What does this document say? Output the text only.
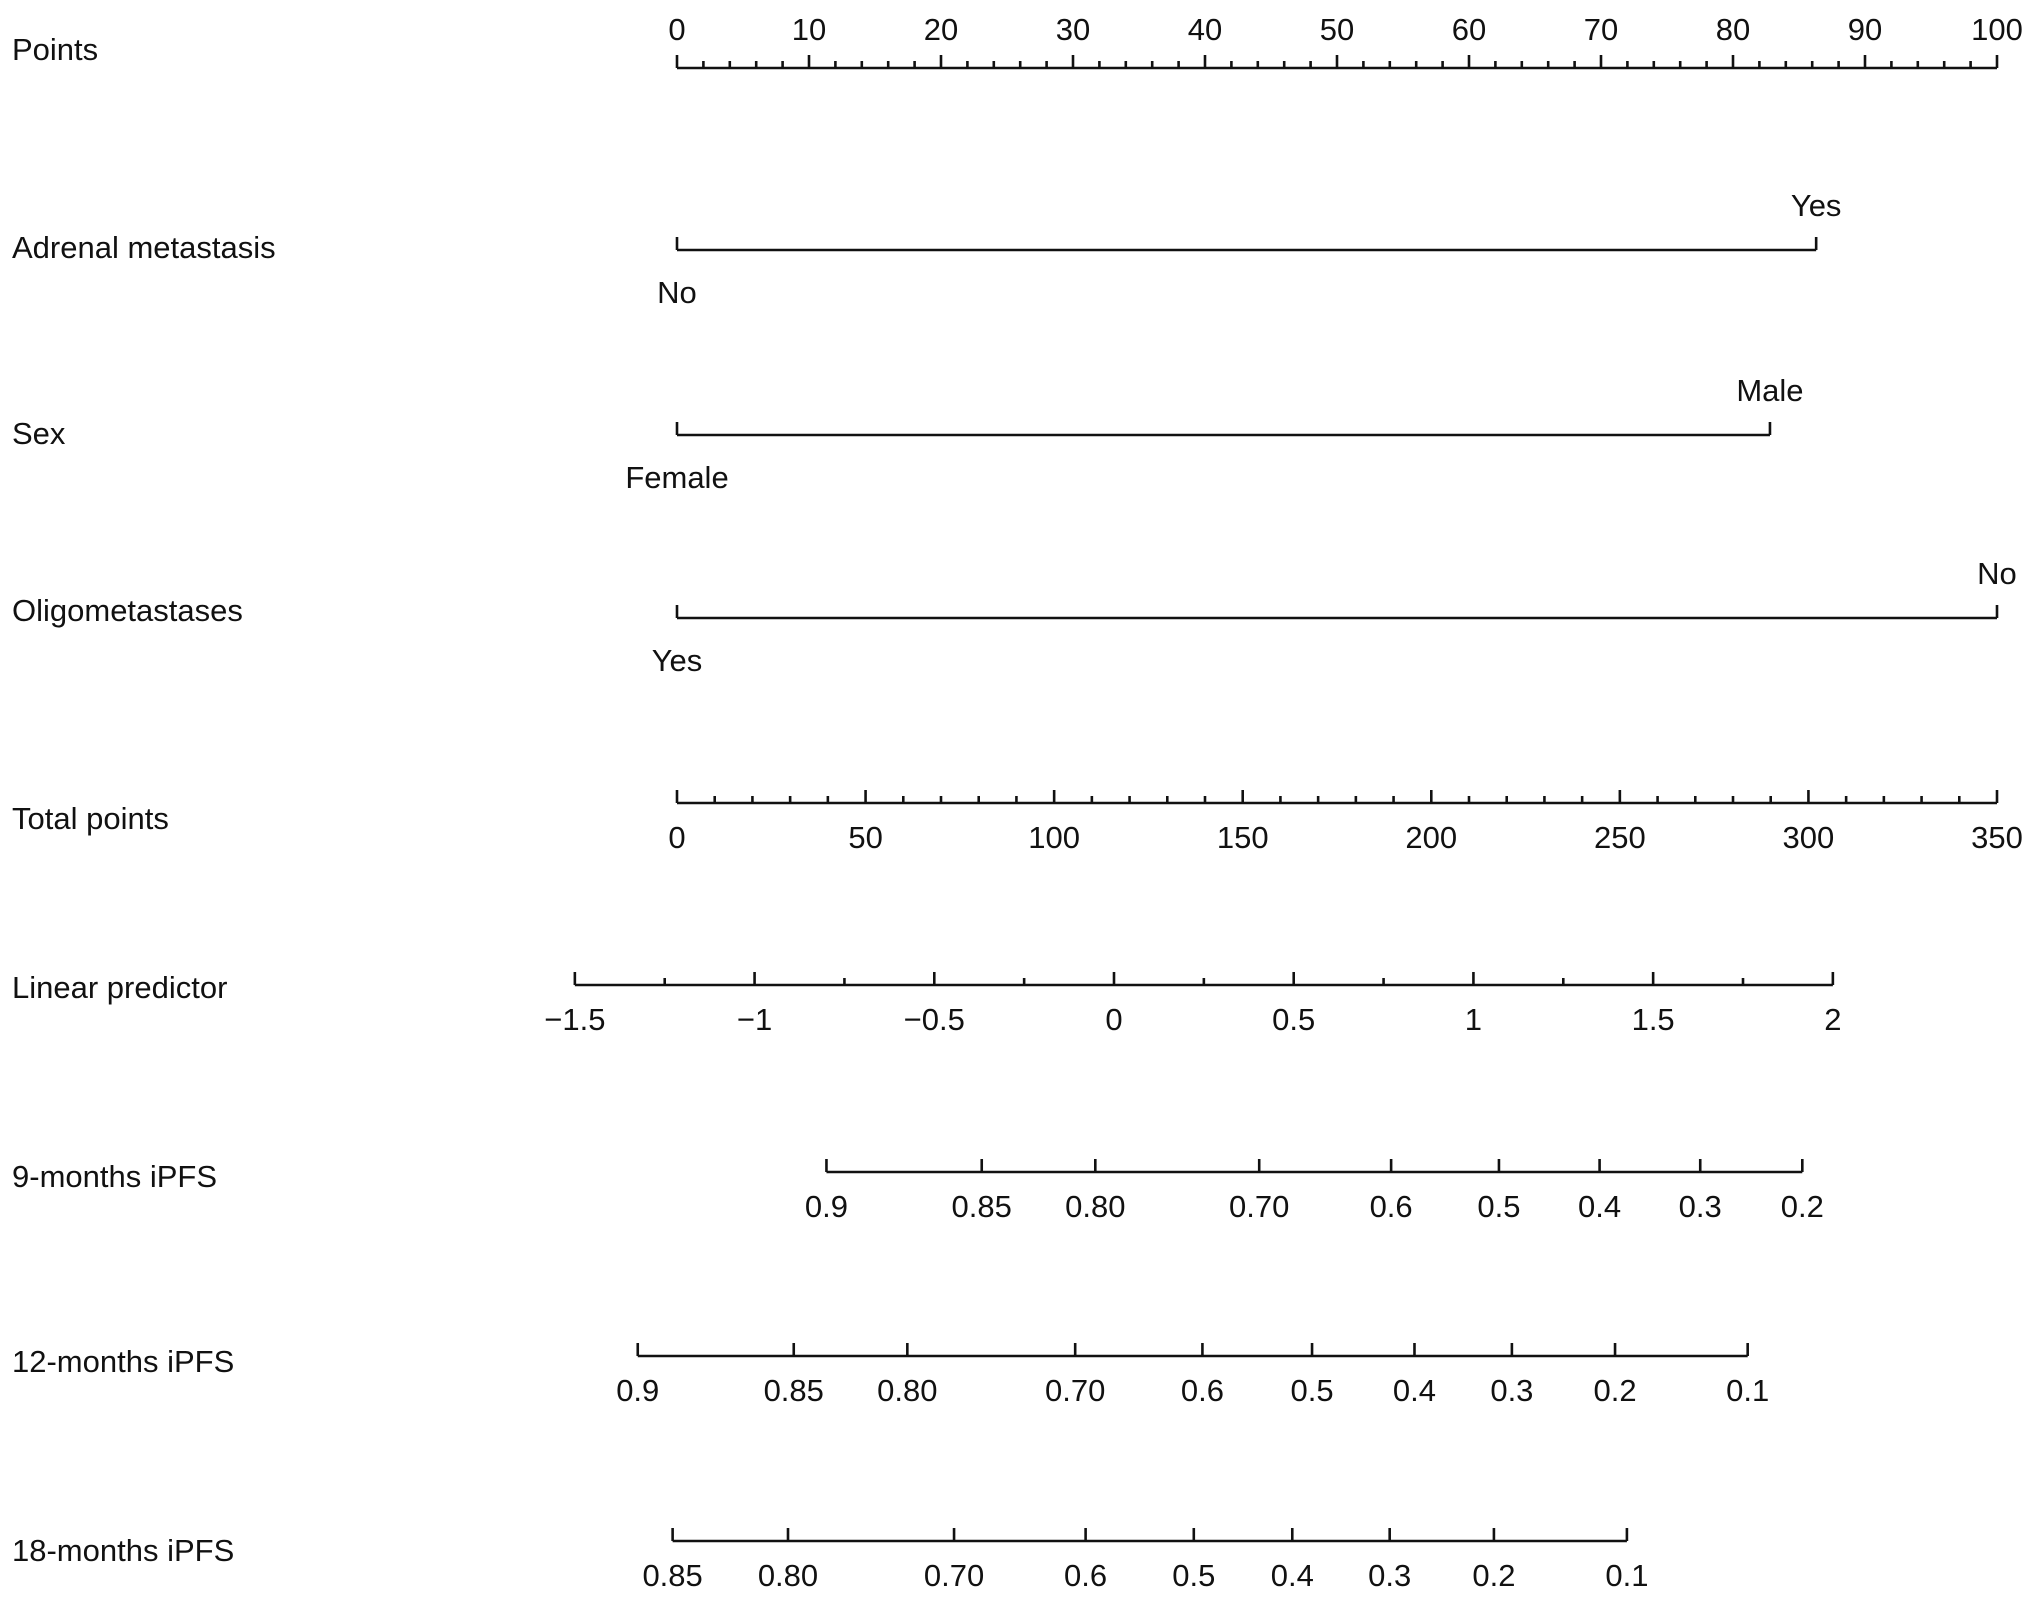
Points
0	10	20	30	40	50	60	70	80	90	100
Adrenal metastasis
No
Yes
Sex
Female
Male
Oligometastases
Yes
No
Total points
0	50	100	150	200	250	300	350
Linear predictor
−1.5	−1	−0.5	0	0.5	1	1.5	2
9-months iPFS
0.9	0.85 0.80	0.70	0.6 0.5 0.4 0.3 0.2
12-months iPFS
0.9	0.85 0.80	0.70 0.6 0.5 0.4 0.3 0.2	0.1
18-months iPFS
0.85 0.80	0.70	0.6 0.5 0.4 0.3 0.2	0.1
